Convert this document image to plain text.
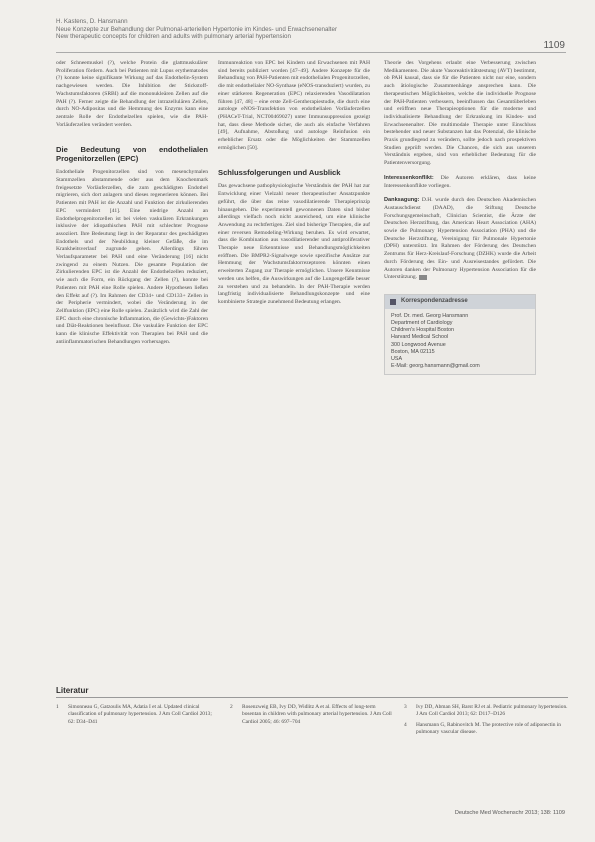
H. Kastens, D. Hansmann
Neue Konzepte zur Behandlung der Pulmonal-arteriellen Hypertonie im Kindes- und Erwachsenenalter
New therapeutic concepts for children and adults with pulmonary arterial hypertension
1109

oder Schneemuskel (?), welche Protein die glattmuskulärer Proliferation fördern. Auch bei Patienten mit Lupus erythematodes (?) konnte keine signifikante Wirkung auf das Endothelin-System nachgewiesen werden. Die Inhibition der Stickstoff-Wachstumsfaktoren (SRBI) auf die mononukleären Zellen auf die PAH (?). Ferner zeigte die Behandlung der intrazellulären Zellen, durch NO-Adipositas und die Hemmung des Enzyms kann eine zentrale Rolle der Endothelzellen spielen, wie die PAH-Vorläuferzellen verändert werden.

Die Bedeutung von endothelialen Progenitorzellen (EPC)

Endotheliale Progenitorzellen sind von mesenchymalen Stammzellen abstammende oder aus dem Knochenmark freigesetzte Vorläuferzellen, die zum geschädigten Endothel migrieren, sich dort anlagern und dieses regenerieren können. Bei Patienten mit PAH ist die Anzahl und Funktion der zirkulierenden EPC vermindert [41]. Eine niedrige Anzahl an Endothelprogenitorzellen ist bei vielen vaskulären Erkrankungen inklusive der idiopathischen PAH mit schlechter Prognose assoziiert. Ihre Bedeutung liegt in der Reparatur des geschädigten Endothels und der Neubildung kleiner Gefäße, die im Krankheitsverlauf zugrunde gehen. Allerdings führen Verlaufsparameter bei PAH und eine Veränderung [16] nicht zwingend zu einem Nutzen. Die gesamte Population der Zirkulierenden EPC ist die Anzahl der Endothelzellen reduziert, wie auch die Form, ein Rückgang der Zellen (?), konnte bei Patienten mit PAH eine Rolle spielen. Andere Hypothesen ließen den Effekt auf (?). Im Rahmen der CD34+ und CD133+ Zellen in der Peripherie vermindert, wobei die Veränderung in der Zellfunktion (EPC) eine Rolle spielen. Zusätzlich wird die Zahl der EPC durch eine chronische Inflammation, die (Gewichts-)Faktoren und Diät-Reaktionen beeinflusst. Die vaskuläre Funktion der EPC kann die klinische Effektivität von Therapien bei PAH und die antiinflammatorischen Behandlungen vorhersagen.

Immunreaktion von EPC bei Kindern und Erwachsenen mit PAH sind bereits publiziert worden [47–49]. Andere Konzepte für die Behandlung von PAH-Patienten mit endothelialen Progenitorzellen, die mit endothelialer NO-Synthase (eNOS-transduziert) wurden, zu einer stärkeren Regeneration (EPC) relaxierenden Vasodilatation führen [47, 48] – eine erste Zell-Gentherapiestudie, die durch eine autologe eNOS-Transfektion von endothelialen Vorläuferzellen (PHACeT-Trial, NCT00469027) unter Immunsuppression gezeigt hat, dass diese Methode sicher, die auch als einfache Verfahren [49], Aufnahme, Abstoßung und autologe Reinfusion ein erheblicher Ersatz oder die Möglichkeiten der Stammzellen ermöglichen [50].

Schlussfolgerungen und Ausblick

Das gewachsene pathophysiologische Verständnis der PAH hat zur Entwicklung einer Vielzahl neuer therapeutischer Ansatzpunkte geführt, die über das reine vasodilatierende Therapieprinzip hinausgehen. Die experimentell gewonnenen Daten sind bisher allerdings vielfach noch nicht ausreichend, um eine klinische Anwendung zu rechtfertigen. Ziel sind bisherige Therapien, die auf einer reversen Remodeling-Wirkung beruhen. Es wird erwartet, dass die Kombination aus vasodilatierender und antiproliferativer Therapie neue Erkenntnisse und Behandlungsmöglichkeiten eröffnen. Die BMPR2-Signalwege sowie spezifische Ansätze zur Hemmung der Wachstumsfaktorrezeptoren könnten einen erweiterten Zugang zur Therapie ermöglichen. Unsere Kenntnisse werden uns helfen, die Auswirkungen auf die Lungengefäße besser zu verstehen und zu behandeln. In der PAH-Therapie werden langfristig individualisierte Behandlungskonzepte und eine kombinierte Strategie zunehmend Bedeutung erlangen.

Theorie des Vorgehens erlaubt eine Verbesserung zwischen Medikamenten. Die akute Vasoreaktivitätstestung (AVT) bestimmt, ob PAH kausal, dass sie für die Patienten nicht nur eine, sondern auch ätiologische Zusammenhänge ansprechen kann. Die therapeutischen Möglichkeiten, welche die individuelle Prognose der PAH-Patienten verbessern, beeinflussen das Gesamtüberleben und eröffnen neue Therapieoptionen für die moderne und individualisierte Behandlung der Erkrankung im Kindes- und Erwachsenenalter. Die multimodale Therapie unter Einschluss bestehender und neuer Substanzen hat das Potenzial, die klinische Praxis grundlegend zu verändern, sollte jedoch nach prospektiven Studien geprüft werden. Die Chancen, die sich aus unserem Verständnis ergeben, sind von erheblicher Bedeutung für die Patientenversorgung.

Interessenkonflikt: Die Autoren erklären, dass keine Interessenkonflikte vorliegen.

Danksagung: D.H. wurde durch den Deutschen Akademischen Austauschdienst (DAAD), die Stiftung Deutsche Forschungsgemeinschaft, Clinician Scientist, die Ärzte der Deutschen Herzstiftung, das American Heart Association (AHA) sowie die Pulmonary Hypertension Association (PHA) und die Deutsche Herzstiftung, Vereinigung für Pulmonale Hypertonie (DPH) unterstützt. Im Rahmen der Förderung des Deutschen Zentrums für Herz-Kreislauf-Forschung (DZHK) wurde die Arbeit durch Förderung des Ein- und Ausreisestandes gefördert. Die Autoren danken der Pulmonary Hypertension Association für die Unterstützung.

Korrespondenzadresse
Prof. Dr. med. Georg Hansmann
Department of Cardiology
Children's Hospital Boston
Harvard Medical School
300 Longwood Avenue
Boston, MA 02115
USA
E-Mail: georg.hansmann@gmail.com
Literatur
1	Simonneau G, Gatzoulis MA, Adatia I et al. Updated clinical classification of pulmonary hypertension. J Am Coll Cardiol 2013; 62: D34–D41
2	Rosenzweig EB, Ivy DD, Widlitz A et al. Effects of long-term bosentan in children with pulmonary arterial hypertension. J Am Coll Cardiol 2005; 46: 697–704
3	Ivy DD, Abman SH, Barst RJ et al. Pediatric pulmonary hypertension. J Am Coll Cardiol 2013; 62: D117–D126
4	Hansmann G, Rabinovitch M. The protective role of adiponectin in pulmonary vascular disease.
Deutsche Med Wochenschr 2013; 138: 1109
